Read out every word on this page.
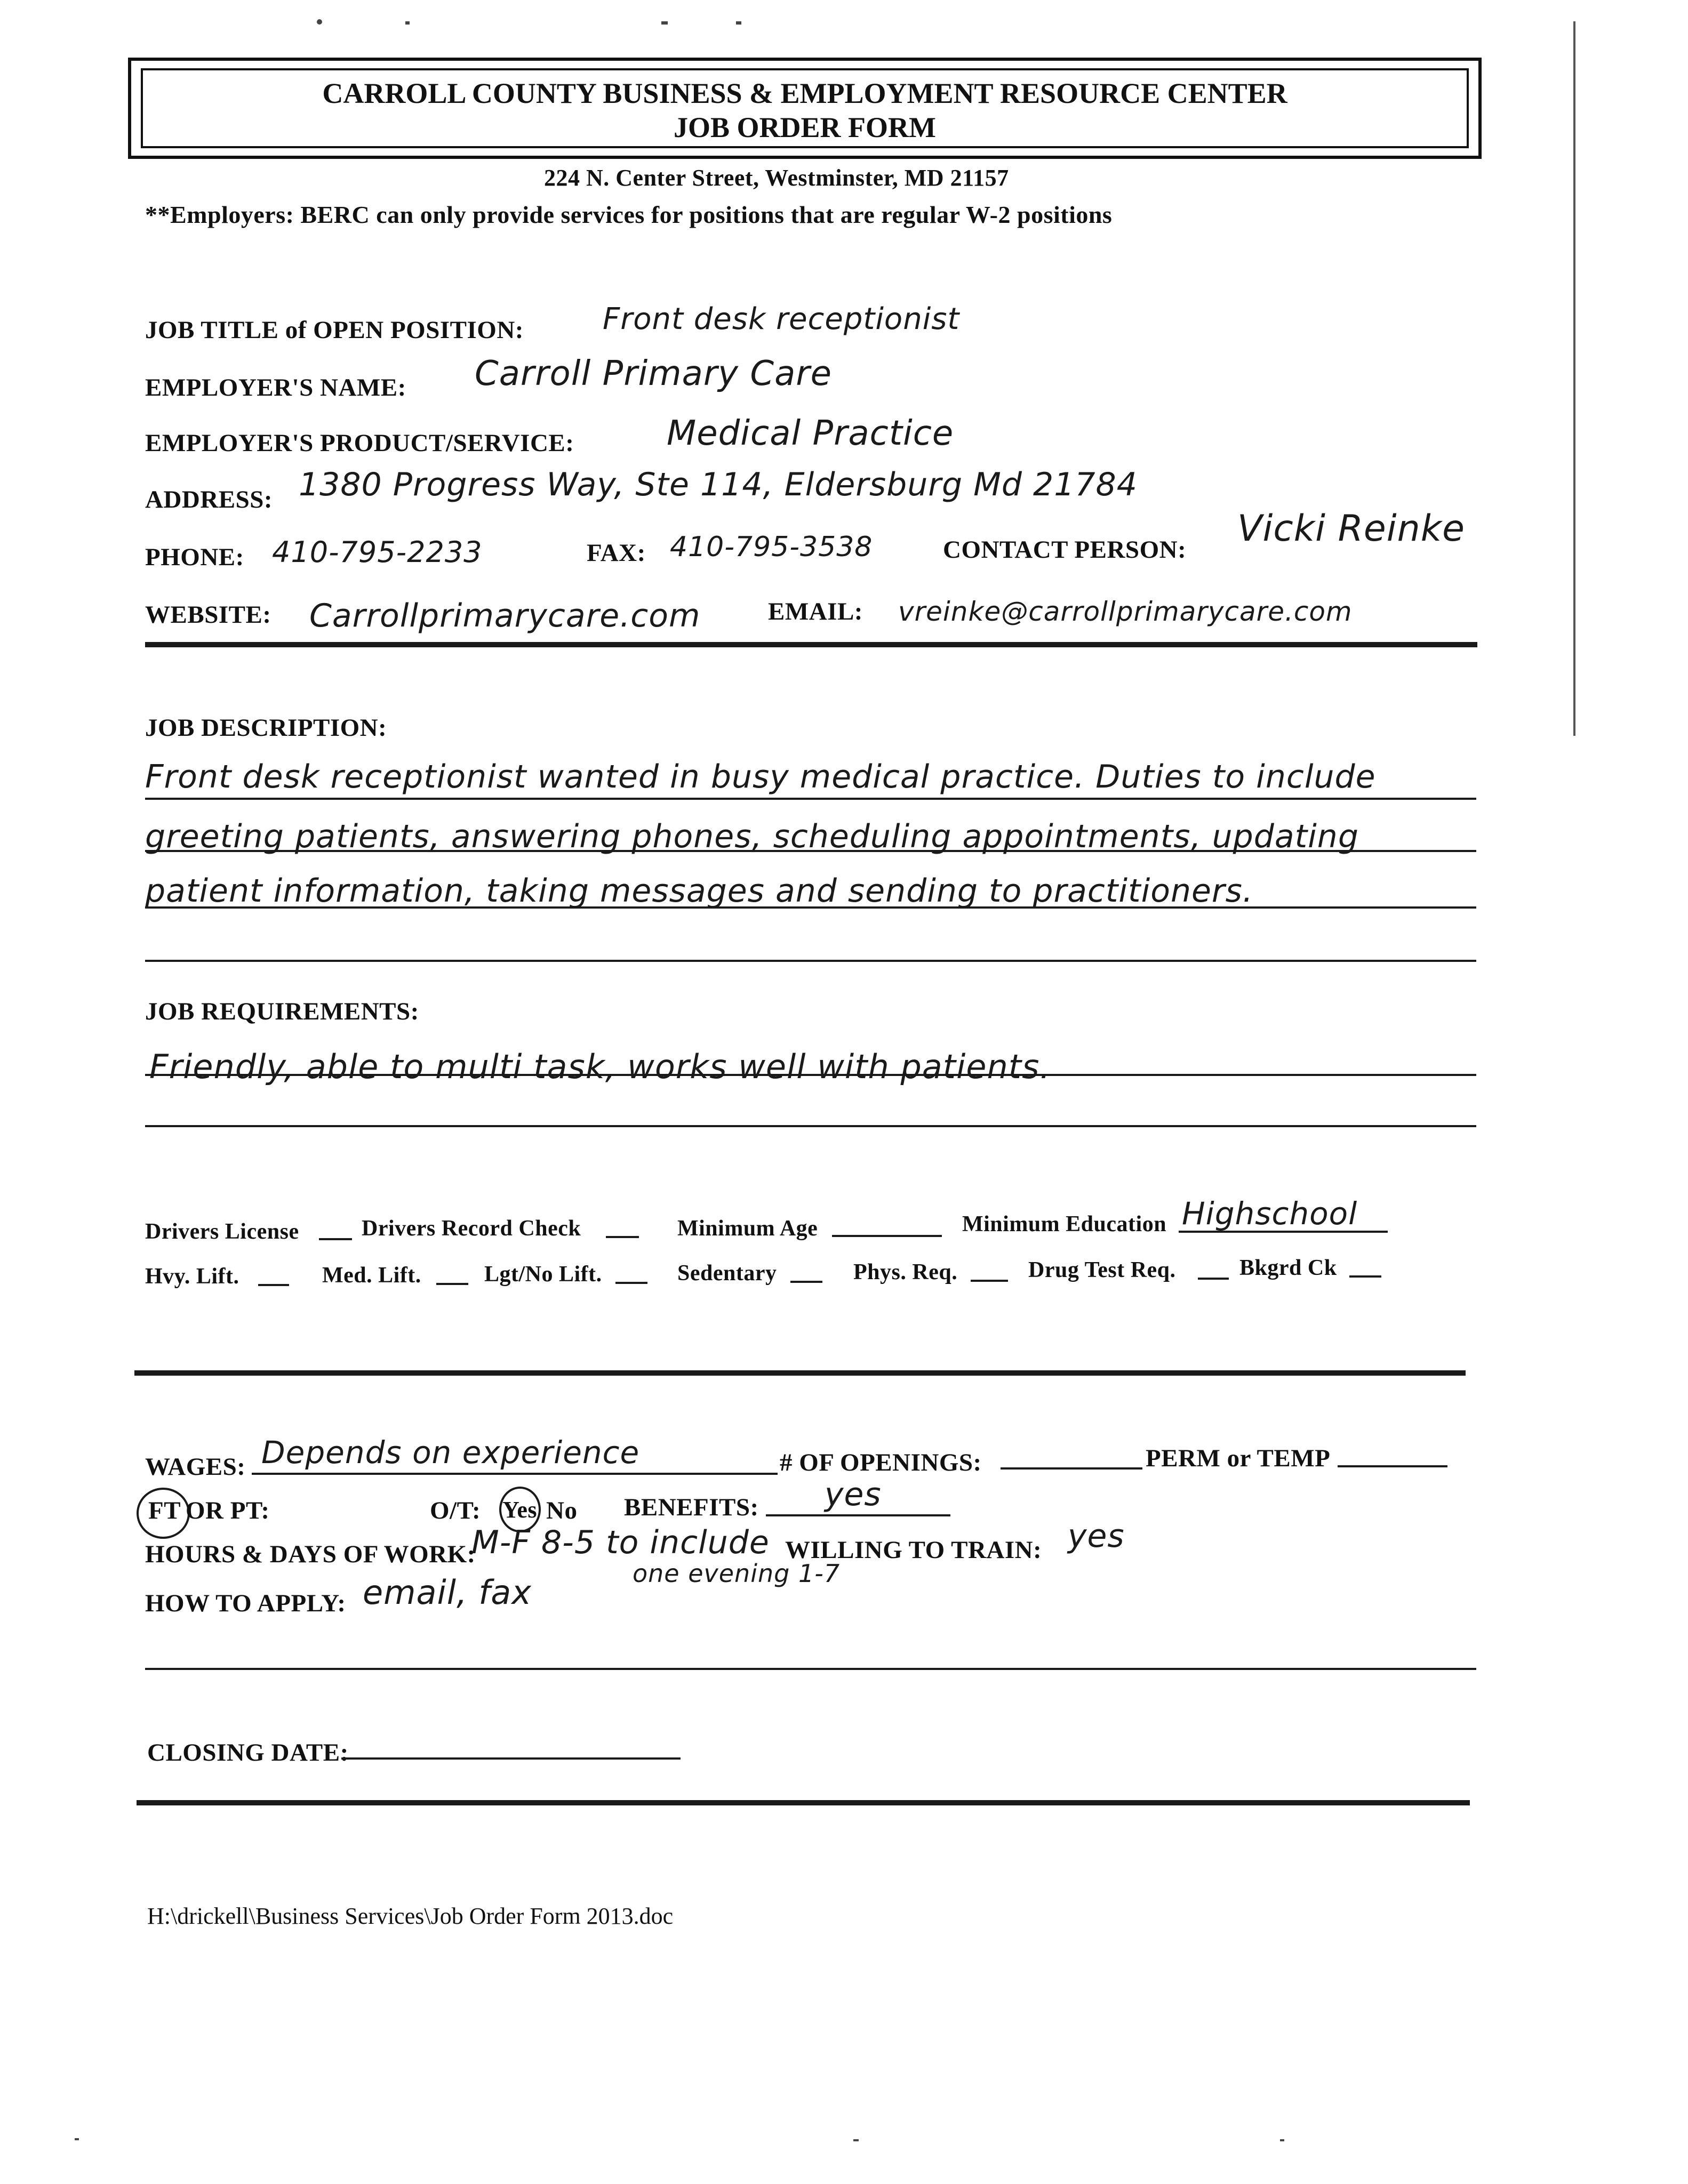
CARROLL COUNTY BUSINESS & EMPLOYMENT RESOURCE CENTER
JOB ORDER FORM
224 N. Center Street, Westminster, MD 21157
**Employers: BERC can only provide services for positions that are regular W-2 positions
JOB TITLE of OPEN POSITION:	Front desk receptionist
EMPLOYER'S NAME: Carroll Primary Care
EMPLOYER'S PRODUCT/SERVICE:	Medical Practice
ADDRESS: 1380 Progress Way, Ste 114, Eldersburg Md 21784
PHONE: 410-795-2233	FAX: 410-795-3538	CONTACT PERSON: Vicki Reinke
WEBSITE: Carrollprimarycare.com	EMAIL: vreinke@carrollprimarycare.com
JOB DESCRIPTION:
Front desk receptionist wanted in busy medical practice. Duties to include
greeting patients, answering phones, scheduling appointments, updating
patient information, taking messages and sending to practitioners.
JOB REQUIREMENTS:
Friendly, able to multi task, works well with patients.
Drivers License	Drivers Record Check	Minimum Age	Minimum Education Highschool
Hvy. Lift.	Med. Lift.	Lgt/No Lift.	Sedentary	Phys. Req.	Drug Test Req.	Bkgrd Ck
WAGES: Depends on experience	# OF OPENINGS:	PERM or TEMP
FT OR PT:	O/T: Yes No BENEFITS: yes
HOURS & DAYS OF WORK:
M-F 8-5 to include
one evening 1-7
WILLING TO TRAIN: yes
HOW TO APPLY: email, fax
CLOSING DATE:
H:\drickell\Business Services\Job Order Form 2013.doc
